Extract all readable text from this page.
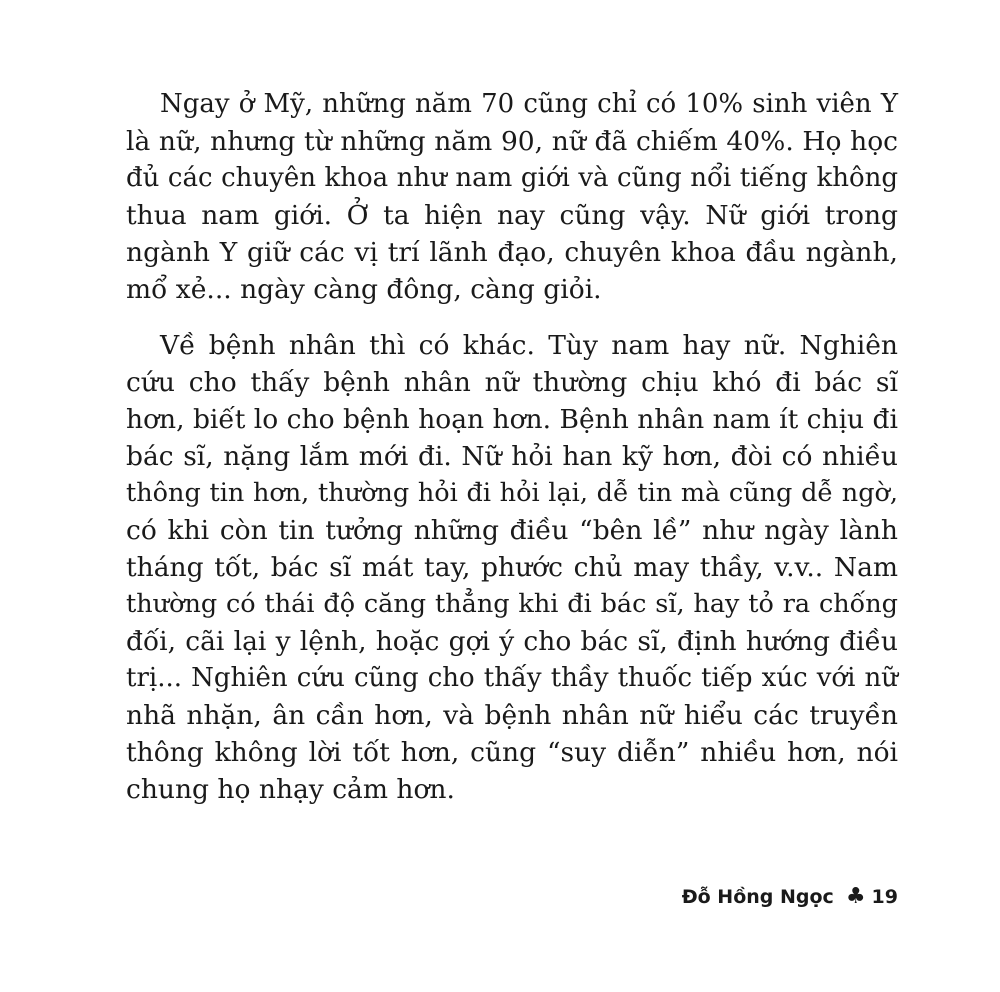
Ngay ở Mỹ, những năm 70 cũng chỉ có 10% sinh viên Y
là nữ, nhưng từ những năm 90, nữ đã chiếm 40%. Họ học
đủ các chuyên khoa như nam giới và cũng nổi tiếng không
thua nam giới. Ở ta hiện nay cũng vậy. Nữ giới trong
ngành Y giữ các vị trí lãnh đạo, chuyên khoa đầu ngành,
mổ xẻ... ngày càng đông, càng giỏi.
Về bệnh nhân thì có khác. Tùy nam hay nữ. Nghiên
cứu cho thấy bệnh nhân nữ thường chịu khó đi bác sĩ
hơn, biết lo cho bệnh hoạn hơn. Bệnh nhân nam ít chịu đi
bác sĩ, nặng lắm mới đi. Nữ hỏi han kỹ hơn, đòi có nhiều
thông tin hơn, thường hỏi đi hỏi lại, dễ tin mà cũng dễ ngờ,
có khi còn tin tưởng những điều “bên lề” như ngày lành
tháng tốt, bác sĩ mát tay, phước chủ may thầy, v.v.. Nam
thường có thái độ căng thẳng khi đi bác sĩ, hay tỏ ra chống
đối, cãi lại y lệnh, hoặc gợi ý cho bác sĩ, định hướng điều
trị... Nghiên cứu cũng cho thấy thầy thuốc tiếp xúc với nữ
nhã nhặn, ân cần hơn, và bệnh nhân nữ hiểu các truyền
thông không lời tốt hơn, cũng “suy diễn” nhiều hơn, nói
chung họ nhạy cảm hơn.
Đỗ Hồng Ngọc ♣ 19
